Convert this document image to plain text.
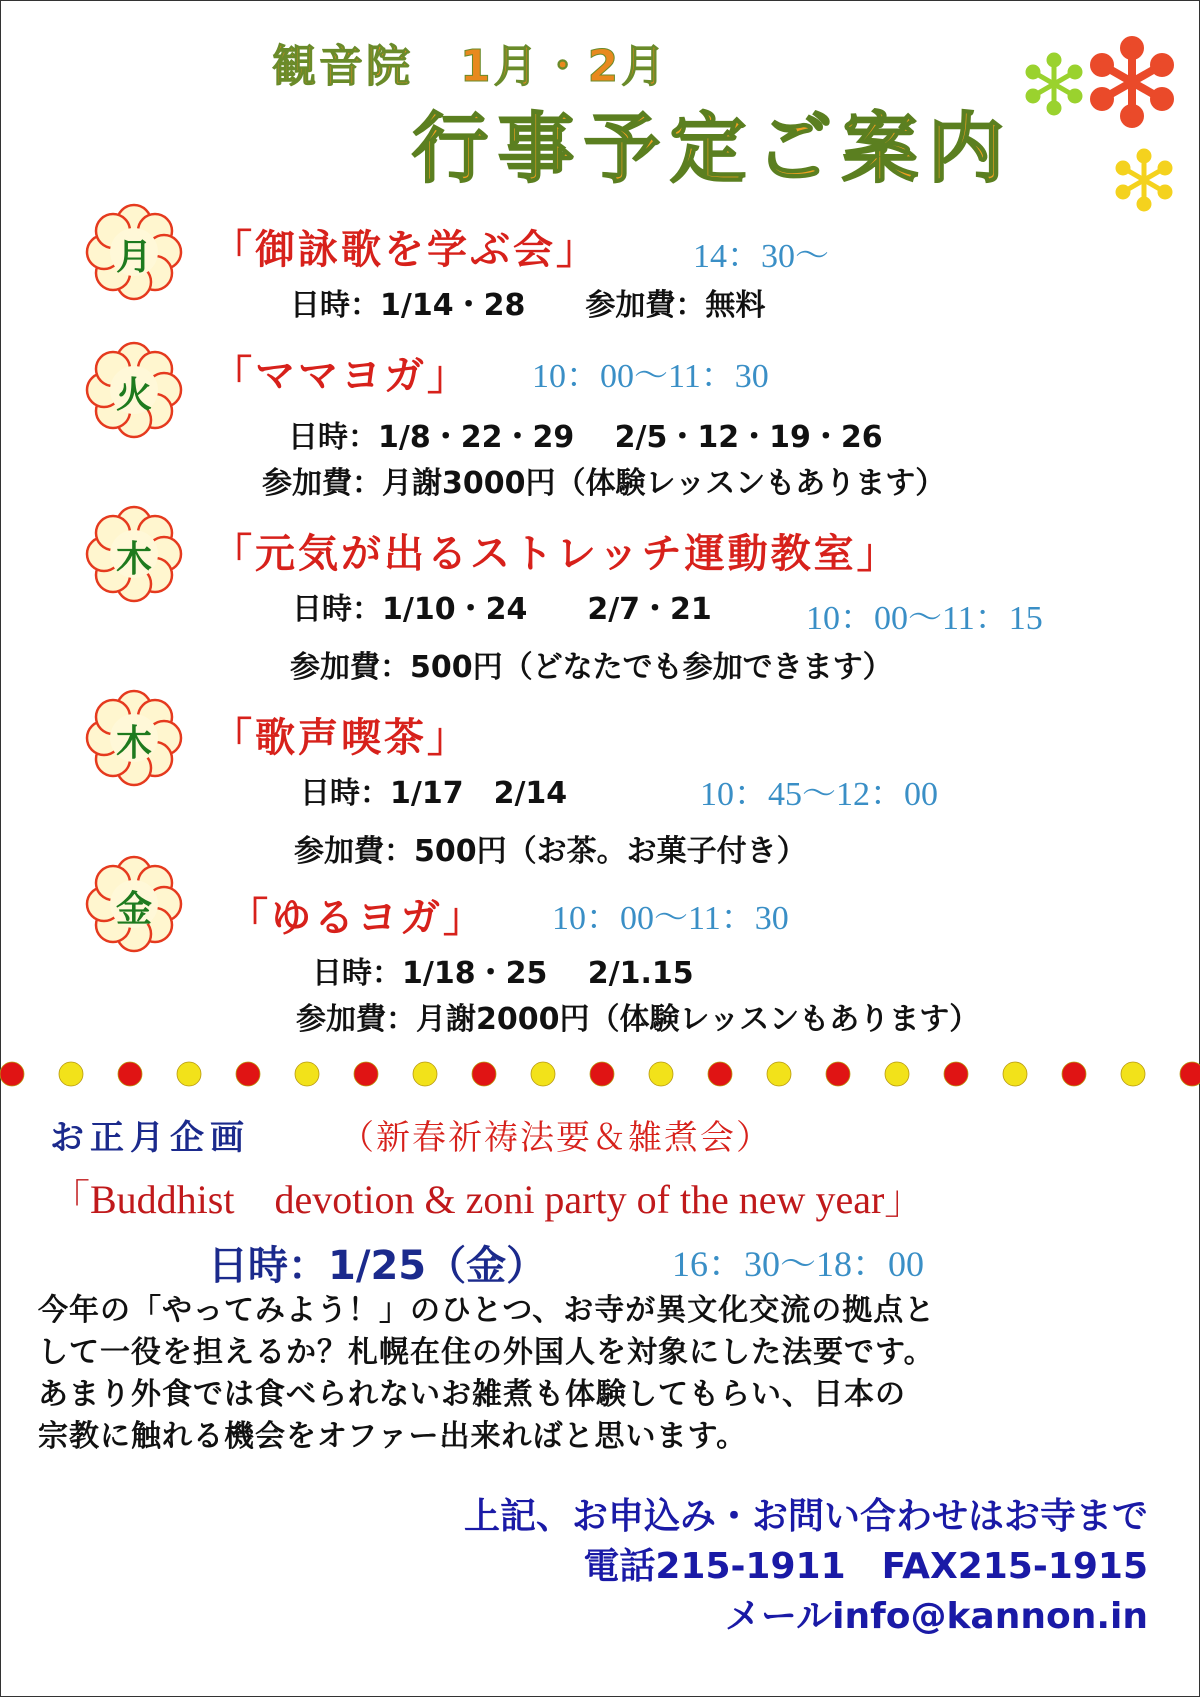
観音院　1月・2月
行事予定ご案内
月 「御詠歌を学ぶ会」	14：30～
日時：1/14・28　　参加費：無料
火 「ママヨガ」 10：00～11：30
日時：1/8・22・29　 2/5・12・19・26
参加費：月謝3000円（体験レッスンもあります）
木 「元気が出るストレッチ運動教室」
日時：1/10・24　　2/7・21	10：00～11：15
参加費：500円（どなたでも参加できます）
木 「歌声喫茶」
日時：1/17　2/14	10：45～12：00
参加費：500円（お茶。お菓子付き）
金 「ゆるヨガ」 10：00～11：30
日時：1/18・25　 2/1.15
参加費：月謝2000円（体験レッスンもあります）
お正月企画	（新春祈祷法要＆雑煮会）
「Buddhist　devotion & zoni party of the new year」
日時：1/25（金）	16：30～18：00
今年の「やってみよう！」のひとつ、お寺が異文化交流の拠点と
して一役を担えるか？札幌在住の外国人を対象にした法要です。
あまり外食では食べられないお雑煮も体験してもらい、日本の
宗教に触れる機会をオファー出来ればと思います。
上記、お申込み・お問い合わせはお寺まで
電話215-1911　FAX215-1915
メールinfo@kannon.in
